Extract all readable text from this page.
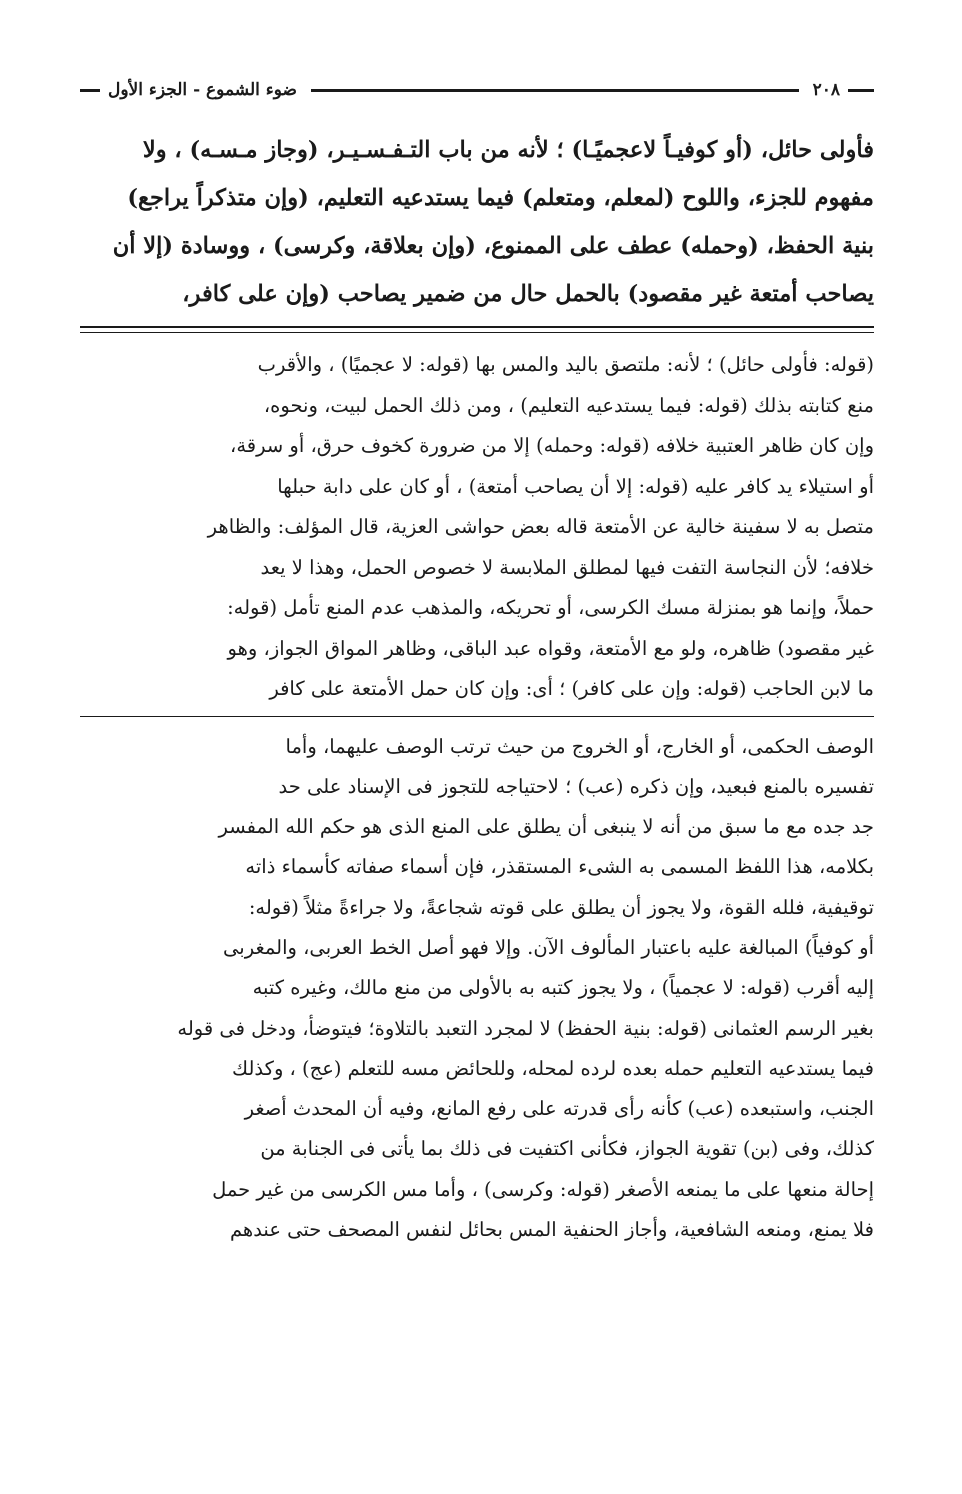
٢٠٨
ضوء الشموع - الجزء الأول

فأولى حائل، (أو كوفيـاً لاعجميًـا) ؛ لأنه من باب التـفـسـيـر، (وجاز مـسـه) ، ولا
مفهوم للجزء، واللوح (لمعلم، ومتعلم) فيما يستدعيه التعليم، (وإن متذكراً يراجع)
بنية الحفظ، (وحمله) عطف على الممنوع، (وإن بعلاقة، وكرسى) ، ووسادة (إلا أن
يصاحب أمتعة غير مقصود) بالحمل حال من ضمير يصاحب (وإن على كافر،

(قوله: فأولى حائل) ؛ لأنه: ملتصق باليد والمس بها (قوله: لا عجميًا) ، والأقرب
منع كتابته بذلك (قوله: فيما يستدعيه التعليم) ، ومن ذلك الحمل لبيت، ونحوه،
وإن كان ظاهر العتبية خلافه (قوله: وحمله) إلا من ضرورة كخوف حرق، أو سرقة،
أو استيلاء يد كافر عليه (قوله: إلا أن يصاحب أمتعة) ، أو كان على دابة حبلها
متصل به لا سفينة خالية عن الأمتعة قاله بعض حواشى العزية، قال المؤلف: والظاهر
خلافه؛ لأن النجاسة التفت فيها لمطلق الملابسة لا خصوص الحمل، وهذا لا يعد
حملاً، وإنما هو بمنزلة مسك الكرسى، أو تحريكه، والمذهب عدم المنع تأمل (قوله:
غير مقصود) ظاهره، ولو مع الأمتعة، وقواه عبد الباقى، وظاهر المواق الجواز، وهو
ما لابن الحاجب (قوله: وإن على كافر) ؛ أى: وإن كان حمل الأمتعة على كافر

الوصف الحكمى، أو الخارج، أو الخروج من حيث ترتب الوصف عليهما، وأما
تفسيره بالمنع فبعيد، وإن ذكره (عب) ؛ لاحتياجه للتجوز فى الإسناد على حد
جد جده مع ما سبق من أنه لا ينبغى أن يطلق على المنع الذى هو حكم الله المفسر
بكلامه، هذا اللفظ المسمى به الشىء المستقذر، فإن أسماء صفاته كأسماء ذاته
توقيفية، فلله القوة، ولا يجوز أن يطلق على قوته شجاعةً، ولا جراءةً مثلاً (قوله:
أو كوفياً) المبالغة عليه باعتبار المألوف الآن. وإلا فهو أصل الخط العربى، والمغربى
إليه أقرب (قوله: لا عجمياً) ، ولا يجوز كتبه به بالأولى من منع مالك، وغيره كتبه
بغير الرسم العثمانى (قوله: بنية الحفظ) لا لمجرد التعبد بالتلاوة؛ فيتوضأ، ودخل فى قوله
فيما يستدعيه التعليم حمله بعده لرده لمحله، وللحائض مسه للتعلم (عج) ، وكذلك
الجنب، واستبعده (عب) كأنه رأى قدرته على رفع المانع، وفيه أن المحدث أصغر
كذلك، وفى (بن) تقوية الجواز، فكأنى اكتفيت فى ذلك بما يأتى فى الجنابة من
إحالة منعها على ما يمنعه الأصغر (قوله: وكرسى) ، وأما مس الكرسى من غير حمل
فلا يمنع، ومنعه الشافعية، وأجاز الحنفية المس بحائل لنفس المصحف حتى عندهم
